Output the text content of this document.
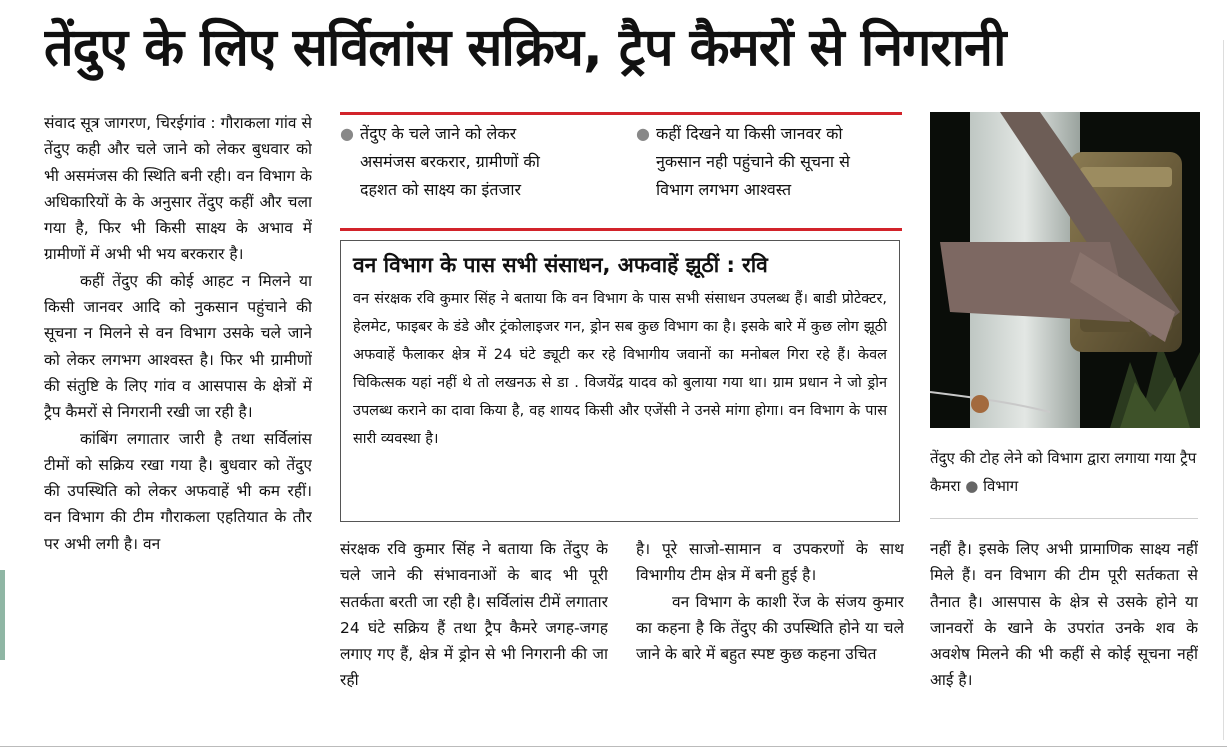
तेंदुए के लिए सर्विलांस सक्रिय, ट्रैप कैमरों से निगरानी

संवाद सूत्र जागरण, चिरईगांव : गौराकला गांव से तेंदुए कही और चले जाने को लेकर बुधवार को भी असमंजस की स्थिति बनी रही। वन विभाग के अधिकारियों के के अनुसार तेंदुए कहीं और चला गया है, फिर भी किसी साक्ष्य के अभाव में ग्रामीणों में अभी भी भय बरकरार है।

कहीं तेंदुए की कोई आहट न मिलने या किसी जानवर आदि को नुकसान पहुंचाने की सूचना न मिलने से वन विभाग उसके चले जाने को लेकर लगभग आश्वस्त है। फिर भी ग्रामीणों की संतुष्टि के लिए गांव व आसपास के क्षेत्रों में ट्रैप कैमरों से निगरानी रखी जा रही है।

कांबिंग लगातार जारी है तथा सर्विलांस टीमों को सक्रिय रखा गया है। बुधवार को तेंदुए की उपस्थिति को लेकर अफवाहें भी कम रहीं। वन विभाग की टीम गौराकला एहतियात के तौर पर अभी लगी है। वन

● तेंदुए के चले जाने को लेकर
असमंजस बरकरार, ग्रामीणों की
दहशत को साक्ष्य का इंतजार
● कहीं दिखने या किसी जानवर को
नुकसान नही पहुंचाने की सूचना से
विभाग लगभग आश्वस्त
वन विभाग के पास सभी संसाधन, अफवाहें झूठीं : रवि
वन संरक्षक रवि कुमार सिंह ने बताया कि वन विभाग के पास सभी संसाधन उपलब्ध हैं। बाडी प्रोटेक्टर, हेलमेट, फाइबर के डंडे और ट्रंकोलाइजर गन, ड्रोन सब कुछ विभाग का है। इसके बारे में कुछ लोग झूठी अफवाहें फैलाकर क्षेत्र में 24 घंटे ड्यूटी कर रहे विभागीय जवानों का मनोबल गिरा रहे हैं। केवल चिकित्सक यहां नहीं थे तो लखनऊ से डा . विजयेंद्र यादव को बुलाया गया था। ग्राम प्रधान ने जो ड्रोन उपलब्ध कराने का दावा किया है, वह शायद किसी और एजेंसी ने उनसे मांगा होगा। वन विभाग के पास सारी व्यवस्था है।

संरक्षक रवि कुमार सिंह ने बताया कि तेंदुए के चले जाने की संभावनाओं के बाद भी पूरी सतर्कता बरती जा रही है। सर्विलांस टीमें लगातार 24 घंटे सक्रिय हैं तथा ट्रैप कैमरे जगह-जगह लगाए गए हैं, क्षेत्र में ड्रोन से भी निगरानी की जा रही

है। पूरे साजो-सामान व उपकरणों के साथ विभागीय टीम क्षेत्र में बनी हुई है।

वन विभाग के काशी रेंज के संजय कुमार का कहना है कि तेंदुए की उपस्थिति होने या चले जाने के बारे में बहुत स्पष्ट कुछ कहना उचित

तेंदुए की टोह लेने को विभाग द्वारा लगाया गया ट्रैप कैमरा ● विभाग

नहीं है। इसके लिए अभी प्रामाणिक साक्ष्य नहीं मिले हैं। वन विभाग की टीम पूरी सर्तकता से तैनात है। आसपास के क्षेत्र से उसके होने या जानवरों के खाने के उपरांत उनके शव के अवशेष मिलने की भी कहीं से कोई सूचना नहीं आई है।
